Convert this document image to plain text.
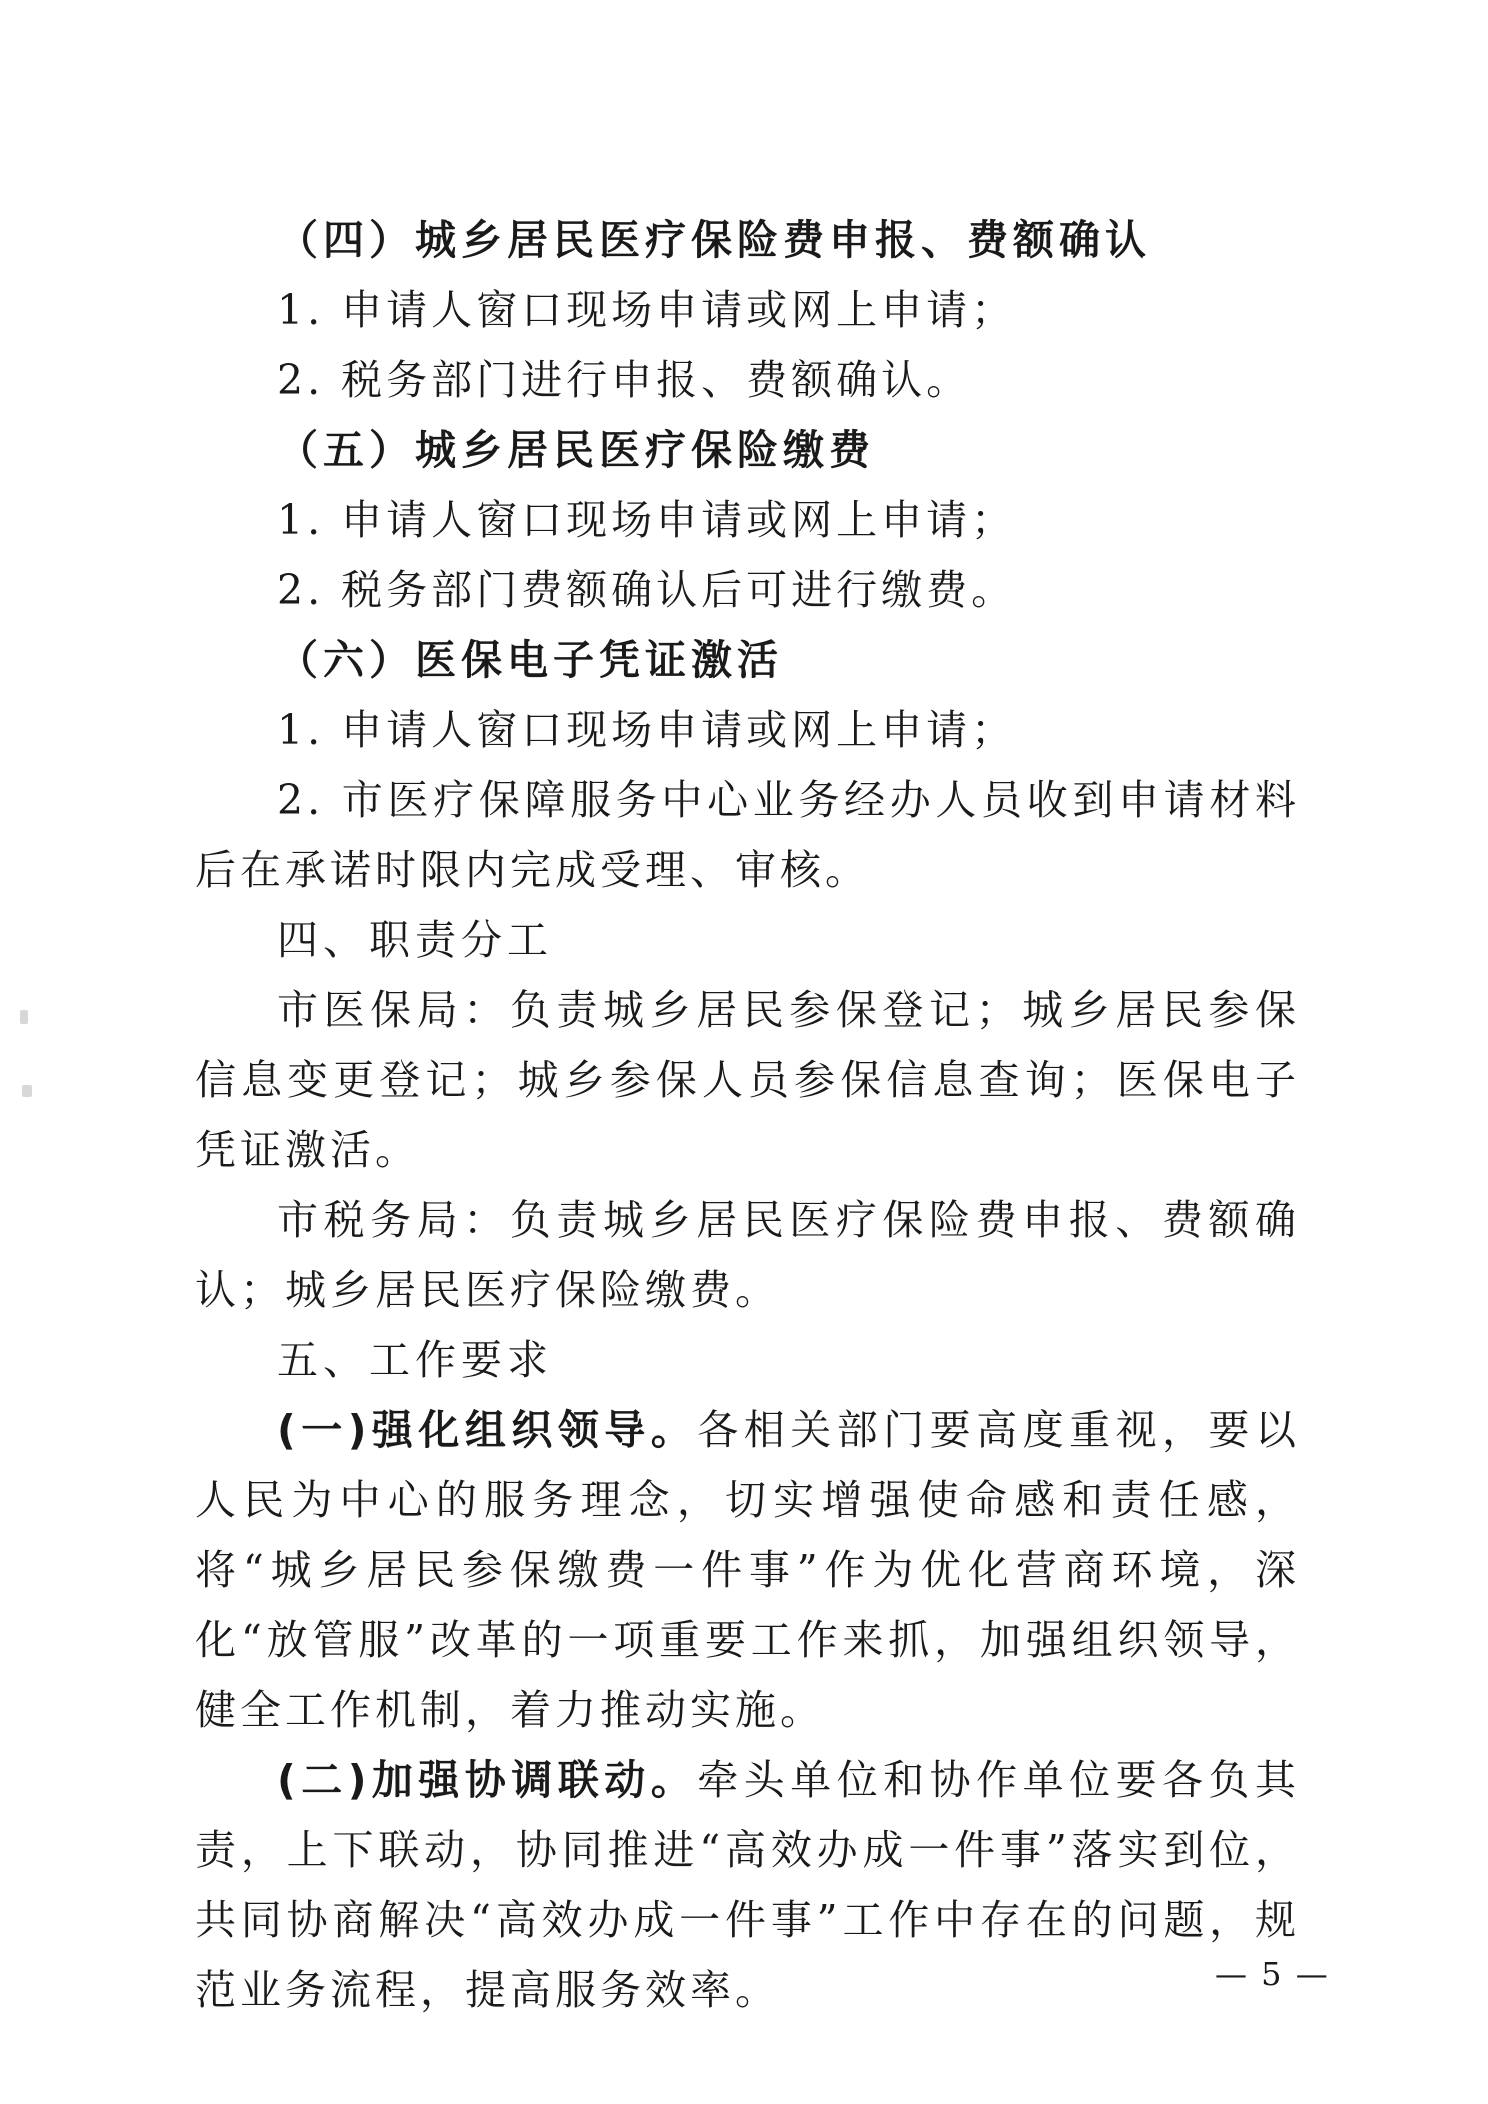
（四）城乡居民医疗保险费申报、费额确认
1. 申请人窗口现场申请或网上申请；
2. 税务部门进行申报、费额确认。
（五）城乡居民医疗保险缴费
1. 申请人窗口现场申请或网上申请；
2. 税务部门费额确认后可进行缴费。
（六）医保电子凭证激活
1. 申请人窗口现场申请或网上申请；
2. 市医疗保障服务中心业务经办人员收到申请材料后在承诺时限内完成受理、审核。
四、职责分工
市医保局：负责城乡居民参保登记；城乡居民参保信息变更登记；城乡参保人员参保信息查询；医保电子凭证激活。
市税务局：负责城乡居民医疗保险费申报、费额确认；城乡居民医疗保险缴费。
五、工作要求
(一)强化组织领导。各相关部门要高度重视，要以人民为中心的服务理念，切实增强使命感和责任感，将“城乡居民参保缴费一件事”作为优化营商环境，深化“放管服”改革的一项重要工作来抓，加强组织领导，健全工作机制，着力推动实施。
(二)加强协调联动。牵头单位和协作单位要各负其责，上下联动，协同推进“高效办成一件事”落实到位，共同协商解决“高效办成一件事”工作中存在的问题，规范业务流程，提高服务效率。	— 5 —
